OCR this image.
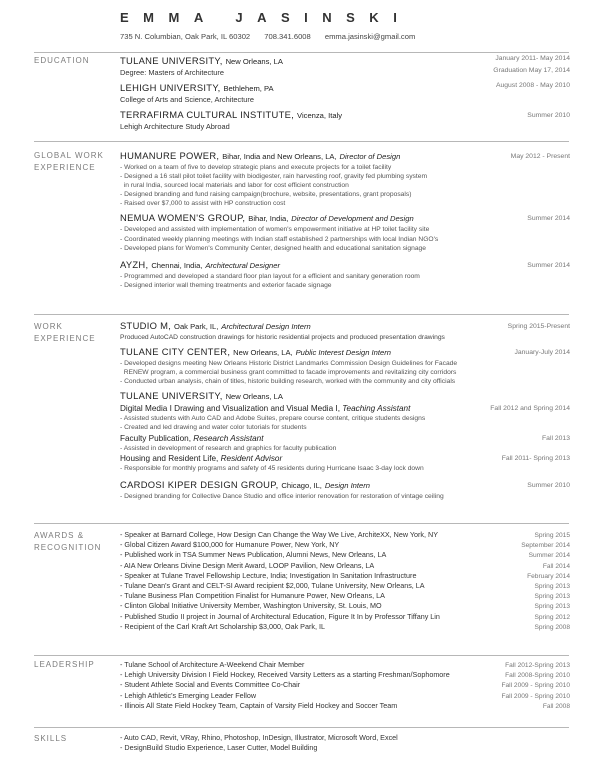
EMMA JASINSKI
735 N. Columbian, Oak Park, IL 60302 708.341.6008 emma.jasinski@gmail.com
EDUCATION	TULANE UNIVERSITY, New Orleans, LA	January 2011- May 2014
Degree: Masters of Architecture	Graduation May 17, 2014
LEHIGH UNIVERSITY, Bethlehem, PA	August 2008 - May 2010
College of Arts and Science, Architecture
TERRAFIRMA CULTURAL INSTITUTE, Vicenza, Italy	Summer 2010
Lehigh Architecture Study Abroad
GLOBAL WORK
EXPERIENCE
HUMANURE POWER, Bihar, India and New Orleans, LA, Director of Design	May 2012 - Present
- Worked on a team of five to develop strategic plans and execute projects for a toilet facility
- Designed a 16 stall pilot toilet facility with biodigester, rain harvesting roof, gravity fed plumbing system
in rural India, sourced local materials and labor for cost efficient construction
- Designed branding and fund raising campaign(brochure, website, presentations, grant proposals)
- Raised over $7,000 to assist with HP construction cost
NEMUA WOMEN'S GROUP, Bihar, India, Director of Development and Design	Summer 2014
- Developed and assisted with implementation of women's empowerment initiative at HP toilet facility site
- Coordinated weekly planning meetings with Indian staff established 2 partnerships with local Indian NGO's
- Developed plans for Women's Community Center, designed health and educational sanitation signage
AYZH, Chennai, India, Architectural Designer	Summer 2014
- Programmed and developed a standard floor plan layout for a efficient and sanitary generation room
- Designed interior wall theming treatments and exterior facade signage
WORK
EXPERIENCE
STUDIO M, Oak Park, IL, Architectural Design Intern	Spring 2015-Present
Produced AutoCAD construction drawings for historic residential projects and produced presentation drawings
TULANE CITY CENTER, New Orleans, LA, Public Interest Design Intern	January-July 2014
- Developed designs meeting New Orleans Historic District Landmarks Commission Design Guidelines for Facade
RENEW program, a commercial business grant committed to facade improvements and revitalizing city corridors
- Conducted urban analysis, chain of titles, historic building research, worked with the community and city officials
TULANE UNIVERSITY, New Orleans, LA
Digital Media I Drawing and Visualization and Visual Media I, Teaching Assistant	Fall 2012 and Spring 2014
- Assisted students with Auto CAD and Adobe Suites, prepare course content, critique students designs
- Created and led drawing and water color tutorials for students
Faculty Publication, Research Assistant	Fall 2013
- Assisted in development of research and graphics for faculty publication
Housing and Resident Life, Resident Advisor	Fall 2011- Spring 2013
- Responsible for monthly programs and safety of 45 residents during Hurricane Isaac 3-day lock down
CARDOSI KIPER DESIGN GROUP, Chicago, IL, Design Intern	Summer 2010
- Designed branding for Collective Dance Studio and office interior renovation for restoration of vintage ceiling
AWARDS &
RECOGNITION
- Speaker at Barnard College, How Design Can Change the Way We Live, ArchiteXX, New York, NY	Spring 2015
- Global Citizen Award $100,000 for Humanure Power, New York, NY	September 2014
- Published work in TSA Summer News Publication, Alumni News, New Orleans, LA	Summer 2014
- AIA New Orleans Divine Design Merit Award, LOOP Pavilion, New Orleans, LA	Fall 2014
- Speaker at Tulane Travel Fellowship Lecture, India; Investigation In Sanitation Infrastructure	February 2014
- Tulane Dean's Grant and CELT-SI Award recipient $2,000, Tulane University, New Orleans, LA	Spring 2013
- Tulane Business Plan Competition Finalist for Humanure Power, New Orleans, LA	Spring 2013
- Clinton Global Initiative University Member, Washington University, St. Louis, MO	Spring 2013
- Published Studio II project in Journal of Architectural Education, Figure It In by Professor Tiffany Lin	Spring 2012
- Recipient of the Carl Kraft Art Scholarship $3,000, Oak Park, IL	Spring 2008
LEADERSHIP	- Tulane School of Architecture A-Weekend Chair Member	Fall 2012-Spring 2013
- Lehigh University Division I Field Hockey, Received Varsity Letters as a starting Freshman/Sophomore	Fall 2008-Spring 2010
- Student Athlete Social and Events Committee Co-Chair	Fall 2009 - Spring 2010
- Lehigh Athletic's Emerging Leader Fellow	Fall 2009 - Spring 2010
- Illinois All State Field Hockey Team, Captain of Varsity Field Hockey and Soccer Team	Fall 2008
SKILLS	- Auto CAD, Revit, VRay, Rhino, Photoshop, InDesign, Illustrator, Microsoft Word, Excel
- DesignBuild Studio Experience, Laser Cutter, Model Building
